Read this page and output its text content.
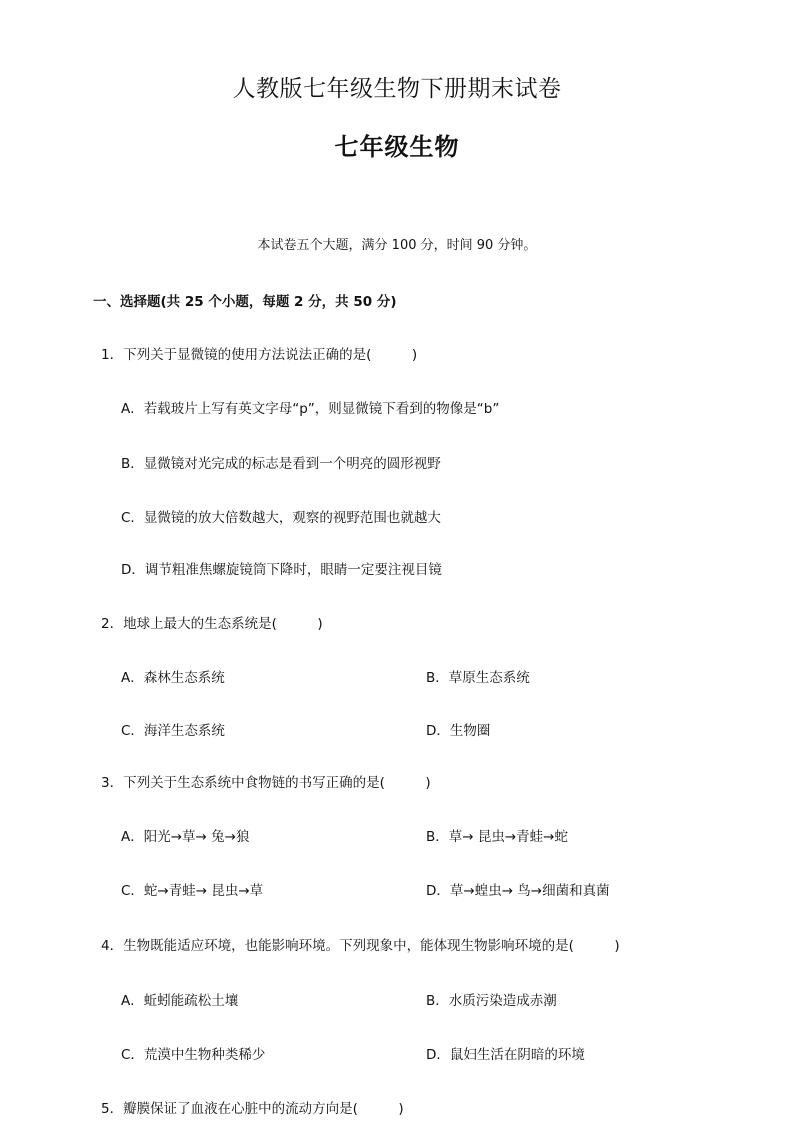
人教版七年级生物下册期末试卷
七年级生物
本试卷五个大题，满分 100 分，时间 90 分钟。
一、选择题(共 25 个小题，每题 2 分，共 50 分)
1．下列关于显微镜的使用方法说法正确的是(　　　)
A．若载玻片上写有英文字母“p”，则显微镜下看到的物像是“b”
B．显微镜对光完成的标志是看到一个明亮的圆形视野
C．显微镜的放大倍数越大，观察的视野范围也就越大
D．调节粗准焦螺旋镜筒下降时，眼睛一定要注视目镜
2．地球上最大的生态系统是(　　　)
A．森林生态系统	B．草原生态系统
C．海洋生态系统	D．生物圈
3．下列关于生态系统中食物链的书写正确的是(　　　)
A．阳光→草→ 兔→狼	B．草→ 昆虫→青蛙→蛇
C．蛇→青蛙→ 昆虫→草	D．草→蝗虫→ 鸟→细菌和真菌
4．生物既能适应环境，也能影响环境。下列现象中，能体现生物影响环境的是(　　　)
A．蚯蚓能疏松土壤	B．水质污染造成赤潮
C．荒漠中生物种类稀少	D．鼠妇生活在阴暗的环境
5．瓣膜保证了血液在心脏中的流动方向是(　　　)
